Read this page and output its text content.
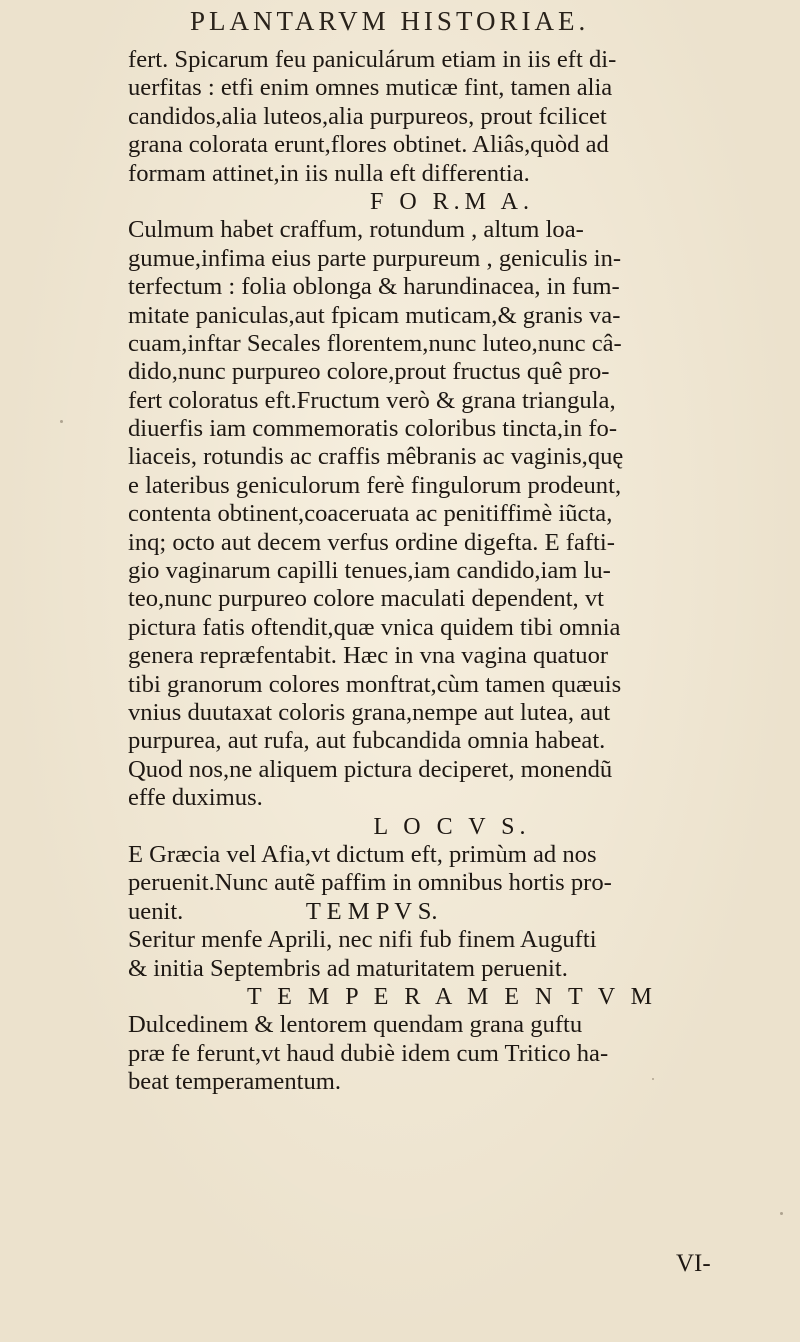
PLANTARVM HISTORIAE.
fert. Spicarum feu paniculárum etiam in iis eft di-
uerfitas : etfi enim omnes muticæ fint, tamen alia
candidos,alia luteos,alia purpureos, prout fcilicet
grana colorata erunt,flores obtinet. Aliâs,quòd ad
formam attinet,in iis nulla eft differentia.
F O R.M A.
Culmum habet craffum, rotundum , altum loa-
gumue,infima eius parte purpureum , geniculis in-
terfectum : folia oblonga & harundinacea, in fum-
mitate paniculas,aut fpicam muticam,& granis va-
cuam,inftar Secales florentem,nunc luteo,nunc câ-
dido,nunc purpureo colore,prout fructus quê pro-
fert coloratus eft.Fructum verò & grana triangula,
diuerfis iam commemoratis coloribus tincta,in fo-
liaceis, rotundis ac craffis mêbranis ac vaginis,quę
e lateribus geniculorum ferè fingulorum prodeunt,
contenta obtinent,coaceruata ac penitiffimè iũcta,
inq; octo aut decem verfus ordine digefta. E fafti-
gio vaginarum capilli tenues,iam candido,iam lu-
teo,nunc purpureo colore maculati dependent, vt
pictura fatis oftendit,quæ vnica quidem tibi omnia
genera repræfentabit. Hæc in vna vagina quatuor
tibi granorum colores monftrat,cùm tamen quæuis
vnius duutaxat coloris grana,nempe aut lutea, aut
purpurea, aut rufa, aut fubcandida omnia habeat.
Quod nos,ne aliquem pictura deciperet, monendũ
effe duximus.
L O C V S.
E Græcia vel Afia,vt dictum eft, primùm ad nos
peruenit.Nunc autẽ paffim in omnibus hortis pro-
uenit.                    T E M P V S.
Seritur menfe Aprili, nec nifi fub finem Augufti
& initia Septembris ad maturitatem peruenit.
T E M P E R A M E N T V M
Dulcedinem & lentorem quendam grana guftu
præ fe ferunt,vt haud dubiè idem cum Tritico ha-
beat temperamentum.
VI-
